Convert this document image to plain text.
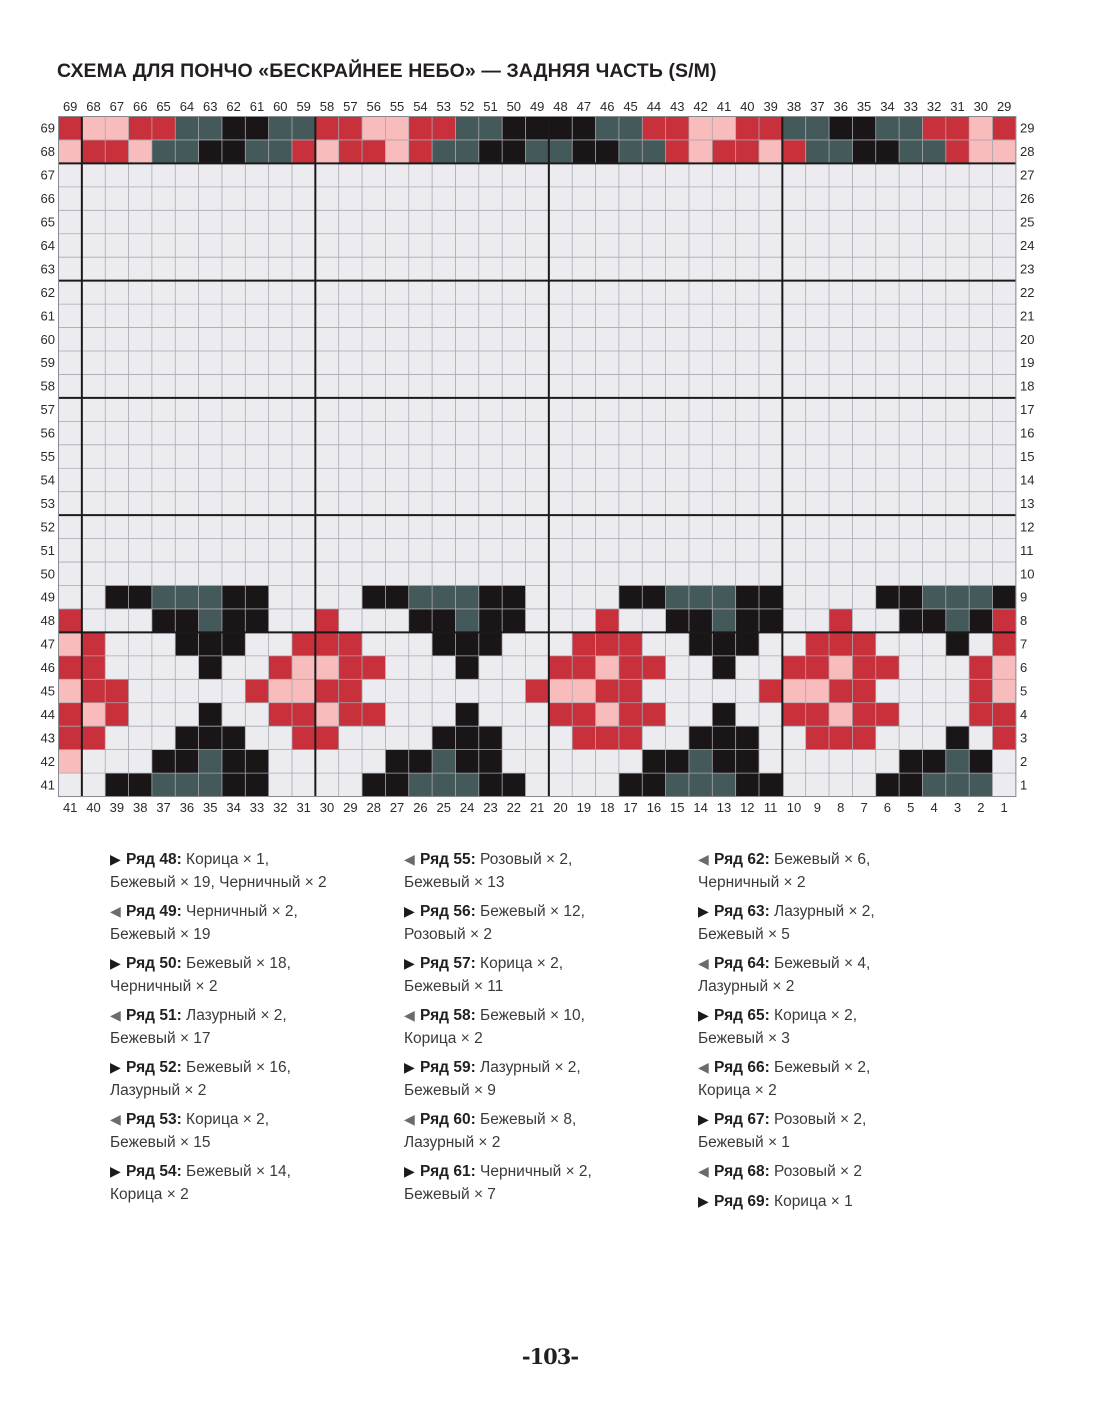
СХЕМА ДЛЯ ПОНЧО «БЕСКРАЙНЕЕ НЕБО» — ЗАДНЯЯ ЧАСТЬ (S/M)
69 68 67 66 65 64 63 62 61 60 59 58 57 56 55 54 53 52 51 50 49 48 47 46 45 44 43 42 41 40 39 38 37 36 35 34 33 32 31 30 29
41 40 39 38 37 36 35 34 33 32 31 30 29 28 27 26 25 24 23 22 21 20 19 18 17 16 15 14 13 12 11 10 9 8 7 6 5 4 3 2 1
69
68
67
66
65
64
63
62
61
60
59
58
57
56
55
54
53
52
51
50
49
48
47
46
45
44
43
42
41
29
28
27
26
25
24
23
22
21
20
19
18
17
16
15
14
13
12
11
10
9
8
7
6
5
4
3
2
1
▶ Ряд 48: Корица × 1,
Бежевый × 19, Черничный × 2
◀ Ряд 49: Черничный × 2,
Бежевый × 19
▶ Ряд 50: Бежевый × 18,
Черничный × 2
◀ Ряд 51: Лазурный × 2,
Бежевый × 17
▶ Ряд 52: Бежевый × 16,
Лазурный × 2
◀ Ряд 53: Корица × 2,
Бежевый × 15
▶ Ряд 54: Бежевый × 14,
Корица × 2
◀ Ряд 55: Розовый × 2,
Бежевый × 13
▶ Ряд 56: Бежевый × 12,
Розовый × 2
▶ Ряд 57: Корица × 2,
Бежевый × 11
◀ Ряд 58: Бежевый × 10,
Корица × 2
▶ Ряд 59: Лазурный × 2,
Бежевый × 9
◀ Ряд 60: Бежевый × 8,
Лазурный × 2
▶ Ряд 61: Черничный × 2,
Бежевый × 7
◀ Ряд 62: Бежевый × 6,
Черничный × 2
▶ Ряд 63: Лазурный × 2,
Бежевый × 5
◀ Ряд 64: Бежевый × 4,
Лазурный × 2
▶ Ряд 65: Корица × 2,
Бежевый × 3
◀ Ряд 66: Бежевый × 2,
Корица × 2
▶ Ряд 67: Розовый × 2,
Бежевый × 1
◀ Ряд 68: Розовый × 2
▶ Ряд 69: Корица × 1
-103-
